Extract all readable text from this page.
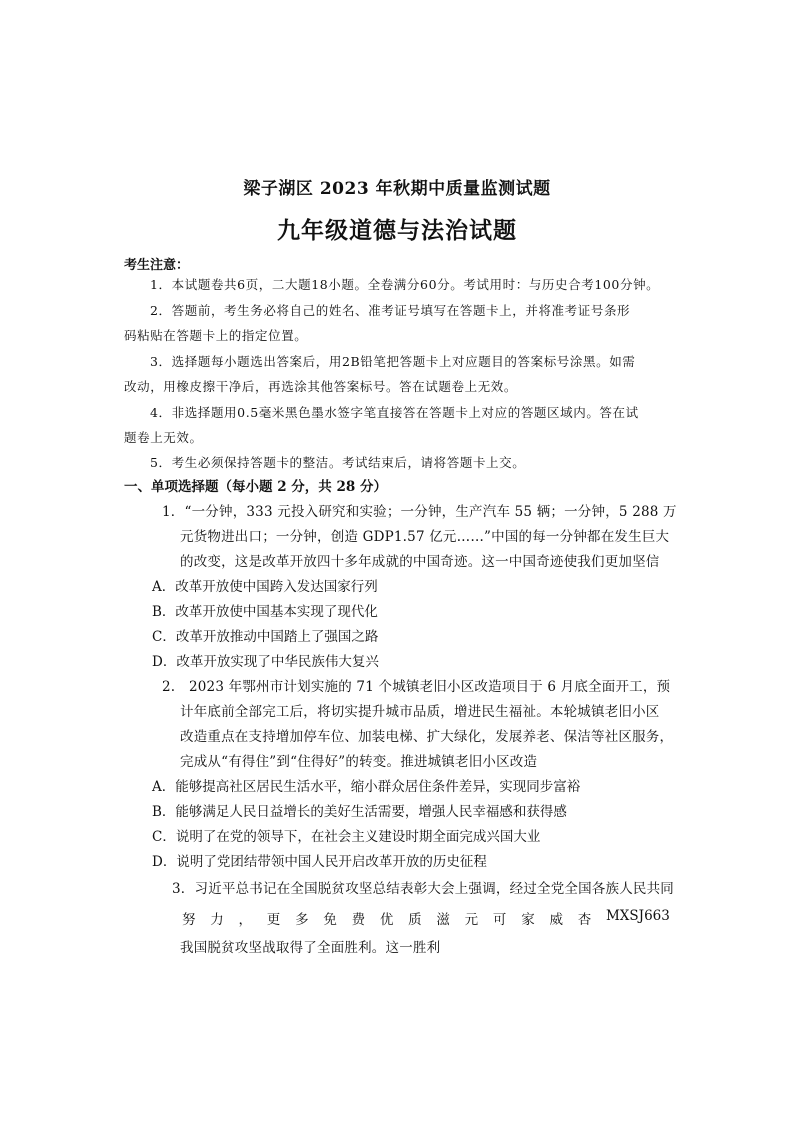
梁子湖区 2023 年秋期中质量监测试题
九年级道德与法治试题
考生注意：
1．本试题卷共6页，二大题18小题。全卷满分60分。考试用时：与历史合考100分钟。
2．答题前，考生务必将自己的姓名、准考证号填写在答题卡上，并将准考证号条形
码粘贴在答题卡上的指定位置。
3．选择题每小题选出答案后，用2B铅笔把答题卡上对应题目的答案标号涂黑。如需
改动，用橡皮擦干净后，再选涂其他答案标号。答在试题卷上无效。
4．非选择题用0.5毫米黑色墨水签字笔直接答在答题卡上对应的答题区域内。答在试
题卷上无效。
5．考生必须保持答题卡的整洁。考试结束后，请将答题卡上交。
一、单项选择题（每小题 2 分，共 28 分）
1．“一分钟，333 元投入研究和实验；一分钟，生产汽车 55 辆；一分钟，5 288 万
元货物进出口；一分钟，创造 GDP1.57 亿元……”中国的每一分钟都在发生巨大
的改变，这是改革开放四十多年成就的中国奇迹。这一中国奇迹使我们更加坚信
A．改革开放使中国跨入发达国家行列
B．改革开放使中国基本实现了现代化
C．改革开放推动中国踏上了强国之路
D．改革开放实现了中华民族伟大复兴
2.　2023 年鄂州市计划实施的 71 个城镇老旧小区改造项目于 6 月底全面开工，预
计年底前全部完工后，将切实提升城市品质，增进民生福祉。本轮城镇老旧小区
改造重点在支持增加停车位、加装电梯、扩大绿化，发展养老、保洁等社区服务，
完成从“有得住”到“住得好”的转变。推进城镇老旧小区改造
A．能够提高社区居民生活水平，缩小群众居住条件差异，实现同步富裕
B．能够满足人民日益增长的美好生活需要，增强人民幸福感和获得感
C．说明了在党的领导下，在社会主义建设时期全面完成兴国大业
D．说明了党团结带领中国人民开启改革开放的历史征程
3．习近平总书记在全国脱贫攻坚总结表彰大会上强调，经过全党全国各族人民共同
努 力 ， 更 多 免 费 优 质 滋 元 可 家 威 杏 MXSJ663
我国脱贫攻坚战取得了全面胜利。这一胜利
